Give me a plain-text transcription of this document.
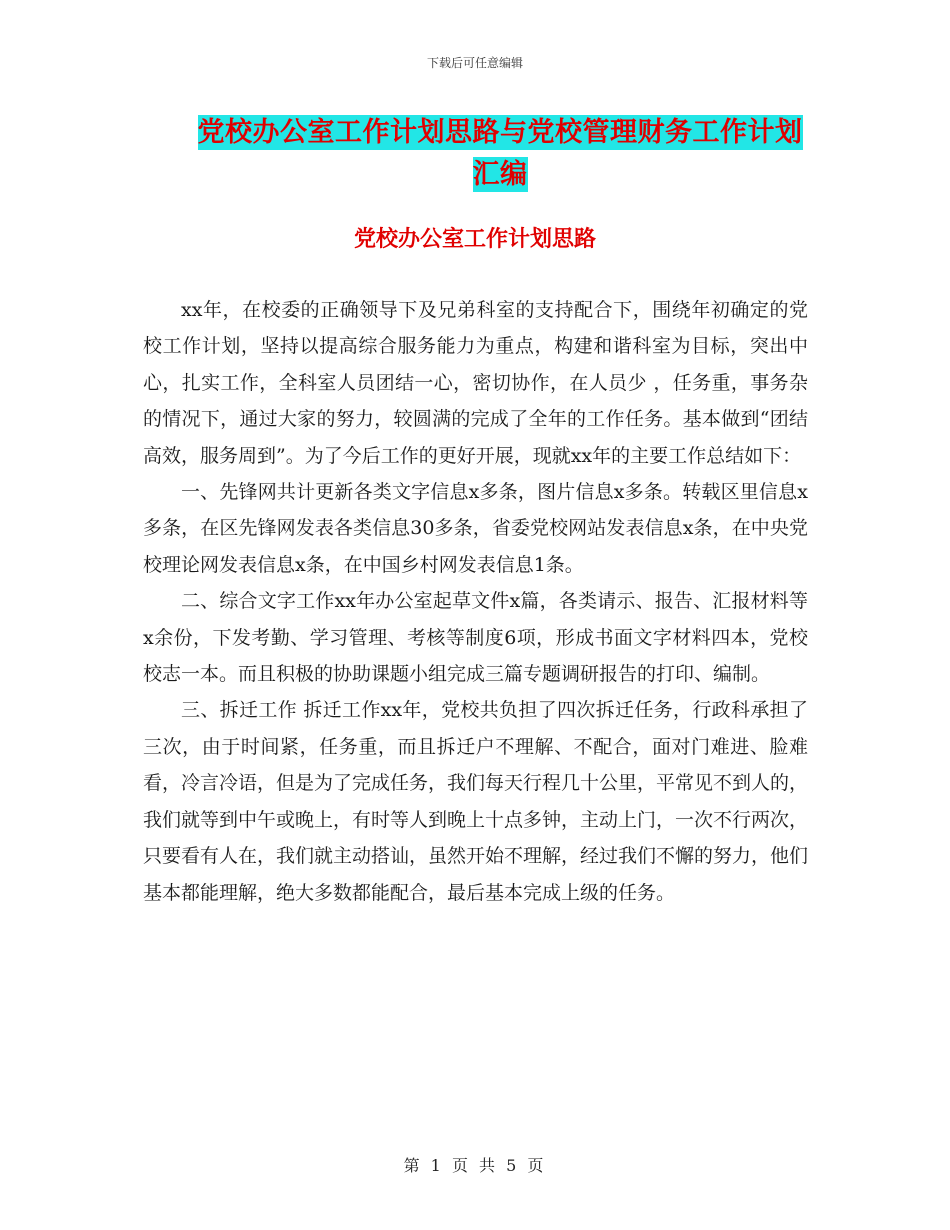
下载后可任意编辑
党校办公室工作计划思路与党校管理财务工作计划汇编
党校办公室工作计划思路

xx年，在校委的正确领导下及兄弟科室的支持配合下，围绕年初确定的党校工作计划，坚持以提高综合服务能力为重点，构建和谐科室为目标，突出中心，扎实工作，全科室人员团结一心，密切协作，在人员少 ，任务重，事务杂的情况下，通过大家的努力，较圆满的完成了全年的工作任务。基本做到“团结高效，服务周到”。为了今后工作的更好开展，现就xx年的主要工作总结如下：

一、先锋网共计更新各类文字信息x多条，图片信息x多条。转载区里信息x多条，在区先锋网发表各类信息30多条，省委党校网站发表信息x条，在中央党校理论网发表信息x条，在中国乡村网发表信息1条。

二、综合文字工作xx年办公室起草文件x篇，各类请示、报告、汇报材料等x余份，下发考勤、学习管理、考核等制度6项，形成书面文字材料四本，党校校志一本。而且积极的协助课题小组完成三篇专题调研报告的打印、编制。

三、拆迁工作 拆迁工作xx年，党校共负担了四次拆迁任务，行政科承担了三次，由于时间紧，任务重，而且拆迁户不理解、不配合，面对门难进、脸难看，冷言冷语，但是为了完成任务，我们每天行程几十公里，平常见不到人的，我们就等到中午或晚上，有时等人到晚上十点多钟，主动上门，一次不行两次，只要看有人在，我们就主动搭讪，虽然开始不理解，经过我们不懈的努力，他们基本都能理解，绝大多数都能配合，最后基本完成上级的任务。

第 1 页 共 5 页
